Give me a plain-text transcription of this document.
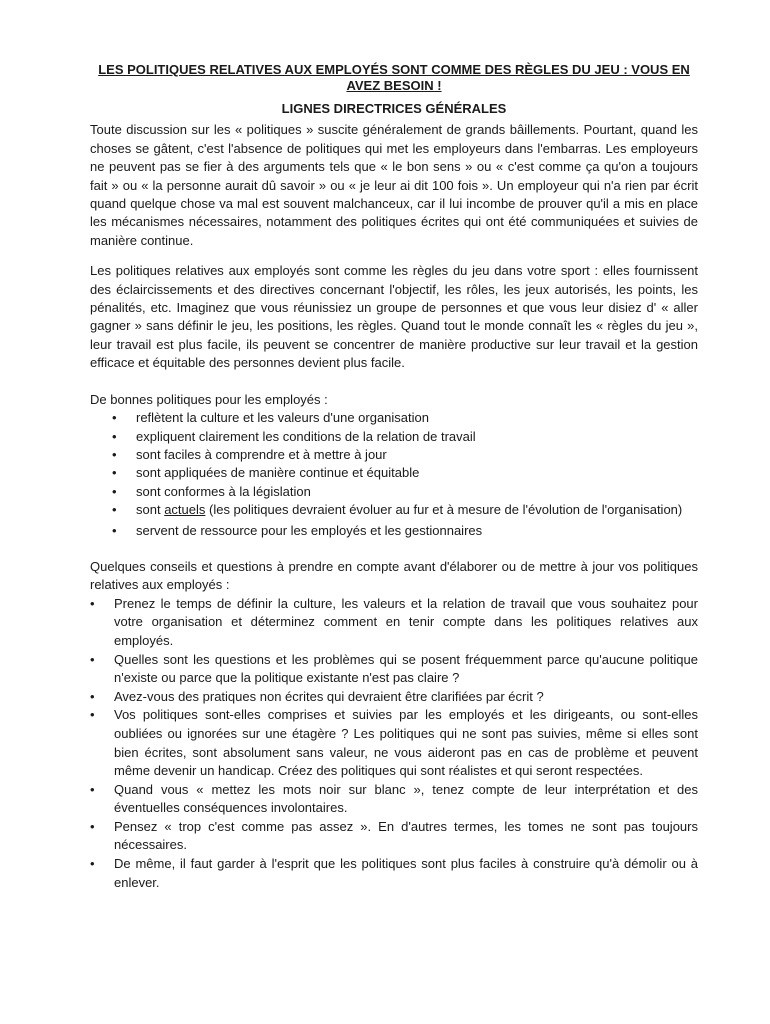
LES POLITIQUES RELATIVES AUX EMPLOYÉS SONT COMME DES RÈGLES DU JEU : VOUS EN AVEZ BESOIN !
LIGNES DIRECTRICES GÉNÉRALES

Toute discussion sur les « politiques » suscite généralement de grands bâillements. Pourtant, quand les choses se gâtent, c'est l'absence de politiques qui met les employeurs dans l'embarras. Les employeurs ne peuvent pas se fier à des arguments tels que « le bon sens » ou « c'est comme ça qu'on a toujours fait » ou « la personne aurait dû savoir » ou « je leur ai dit 100 fois ». Un employeur qui n'a rien par écrit quand quelque chose va mal est souvent malchanceux, car il lui incombe de prouver qu'il a mis en place les mécanismes nécessaires, notamment des politiques écrites qui ont été communiquées et suivies de manière continue.

Les politiques relatives aux employés sont comme les règles du jeu dans votre sport : elles fournissent des éclaircissements et des directives concernant l'objectif, les rôles, les jeux autorisés, les points, les pénalités, etc. Imaginez que vous réunissiez un groupe de personnes et que vous leur disiez d' « aller gagner » sans définir le jeu, les positions, les règles. Quand tout le monde connaît les « règles du jeu », leur travail est plus facile, ils peuvent se concentrer de manière productive sur leur travail et la gestion efficace et équitable des personnes devient plus facile.

De bonnes politiques pour les employés :

• reflètent la culture et les valeurs d'une organisation
• expliquent clairement les conditions de la relation de travail
• sont faciles à comprendre et à mettre à jour
• sont appliquées de manière continue et équitable
• sont conformes à la législation
• sont actuels (les politiques devraient évoluer au fur et à mesure de l'évolution de l'organisation)
• servent de ressource pour les employés et les gestionnaires

Quelques conseils et questions à prendre en compte avant d'élaborer ou de mettre à jour vos politiques relatives aux employés :

• Prenez le temps de définir la culture, les valeurs et la relation de travail que vous souhaitez pour votre organisation et déterminez comment en tenir compte dans les politiques relatives aux employés.
• Quelles sont les questions et les problèmes qui se posent fréquemment parce qu'aucune politique n'existe ou parce que la politique existante n'est pas claire ?
• Avez-vous des pratiques non écrites qui devraient être clarifiées par écrit ?
• Vos politiques sont-elles comprises et suivies par les employés et les dirigeants, ou sont-elles oubliées ou ignorées sur une étagère ? Les politiques qui ne sont pas suivies, même si elles sont bien écrites, sont absolument sans valeur, ne vous aideront pas en cas de problème et peuvent même devenir un handicap. Créez des politiques qui sont réalistes et qui seront respectées.
• Quand vous « mettez les mots noir sur blanc », tenez compte de leur interprétation et des éventuelles conséquences involontaires.
• Pensez « trop c'est comme pas assez ». En d'autres termes, les tomes ne sont pas toujours nécessaires.
• De même, il faut garder à l'esprit que les politiques sont plus faciles à construire qu'à démolir ou à enlever.
